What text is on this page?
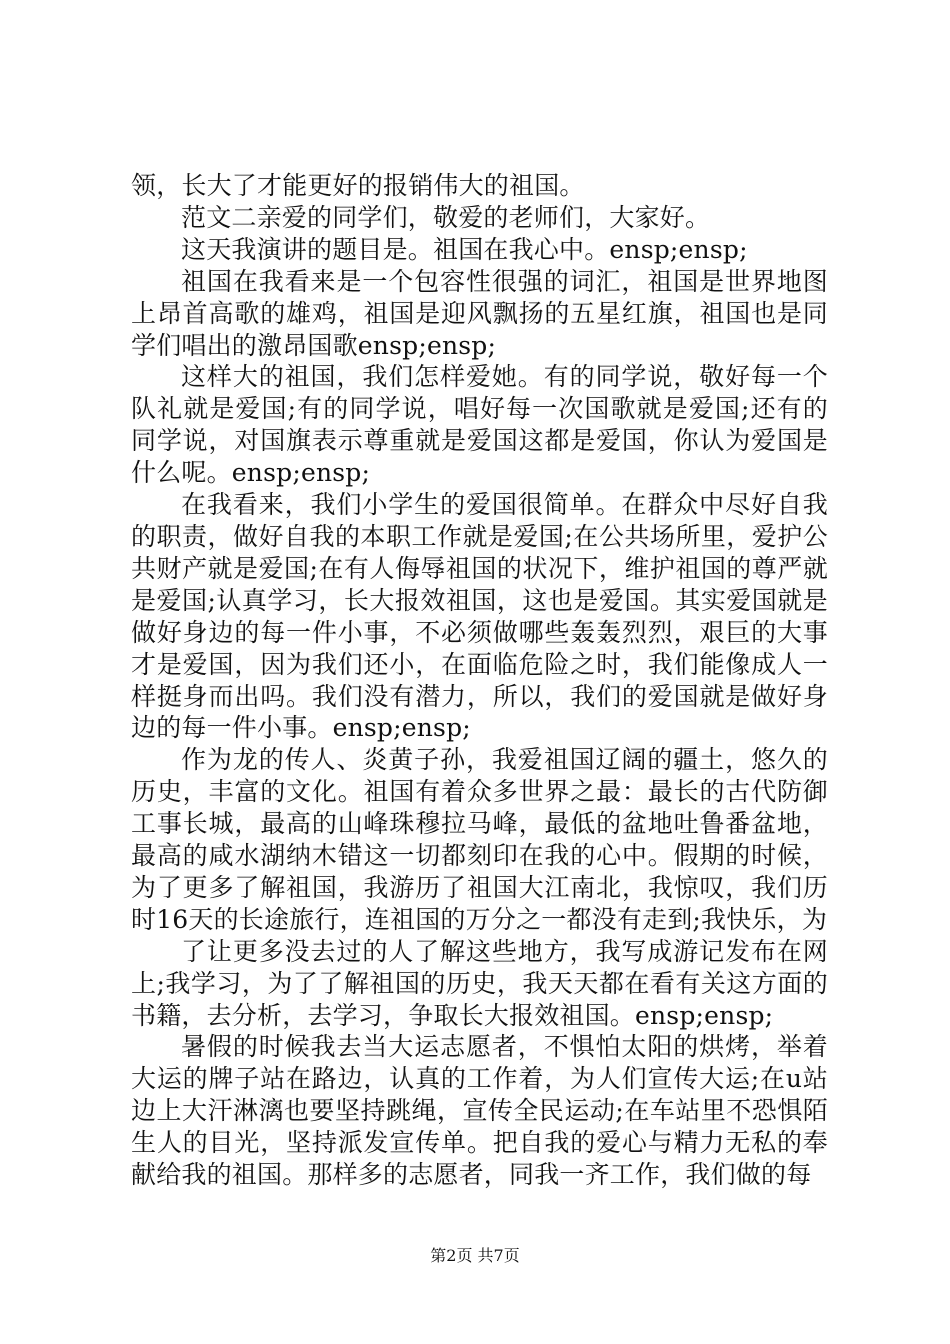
领，长大了才能更好的报销伟大的祖国。

范文二亲爱的同学们，敬爱的老师们，大家好。

这天我演讲的题目是。祖国在我心中。ensp;ensp;

祖国在我看来是一个包容性很强的词汇，祖国是世界地图上昂首高歌的雄鸡，祖国是迎风飘扬的五星红旗，祖国也是同学们唱出的激昂国歌ensp;ensp;

这样大的祖国，我们怎样爱她。有的同学说，敬好每一个队礼就是爱国;有的同学说，唱好每一次国歌就是爱国;还有的同学说，对国旗表示尊重就是爱国这都是爱国，你认为爱国是什么呢。ensp;ensp;

在我看来，我们小学生的爱国很简单。在群众中尽好自我的职责，做好自我的本职工作就是爱国;在公共场所里，爱护公共财产就是爱国;在有人侮辱祖国的状况下，维护祖国的尊严就是爱国;认真学习，长大报效祖国，这也是爱国。其实爱国就是做好身边的每一件小事，不必须做哪些轰轰烈烈，艰巨的大事才是爱国，因为我们还小，在面临危险之时，我们能像成人一样挺身而出吗。我们没有潜力，所以，我们的爱国就是做好身边的每一件小事。ensp;ensp;

作为龙的传人、炎黄子孙，我爱祖国辽阔的疆土，悠久的历史，丰富的文化。祖国有着众多世界之最：最长的古代防御工事长城，最高的山峰珠穆拉马峰，最低的盆地吐鲁番盆地，最高的咸水湖纳木错这一切都刻印在我的心中。假期的时候，为了更多了解祖国，我游历了祖国大江南北，我惊叹，我们历时16天的长途旅行，连祖国的万分之一都没有走到;我快乐，为

了让更多没去过的人了解这些地方，我写成游记发布在网上;我学习，为了了解祖国的历史，我天天都在看有关这方面的书籍，去分析，去学习，争取长大报效祖国。ensp;ensp;

暑假的时候我去当大运志愿者，不惧怕太阳的烘烤，举着大运的牌子站在路边，认真的工作着，为人们宣传大运;在u站边上大汗淋漓也要坚持跳绳，宣传全民运动;在车站里不恐惧陌生人的目光，坚持派发宣传单。把自我的爱心与精力无私的奉献给我的祖国。那样多的志愿者，同我一齐工作，我们做的每

第2页 共7页
